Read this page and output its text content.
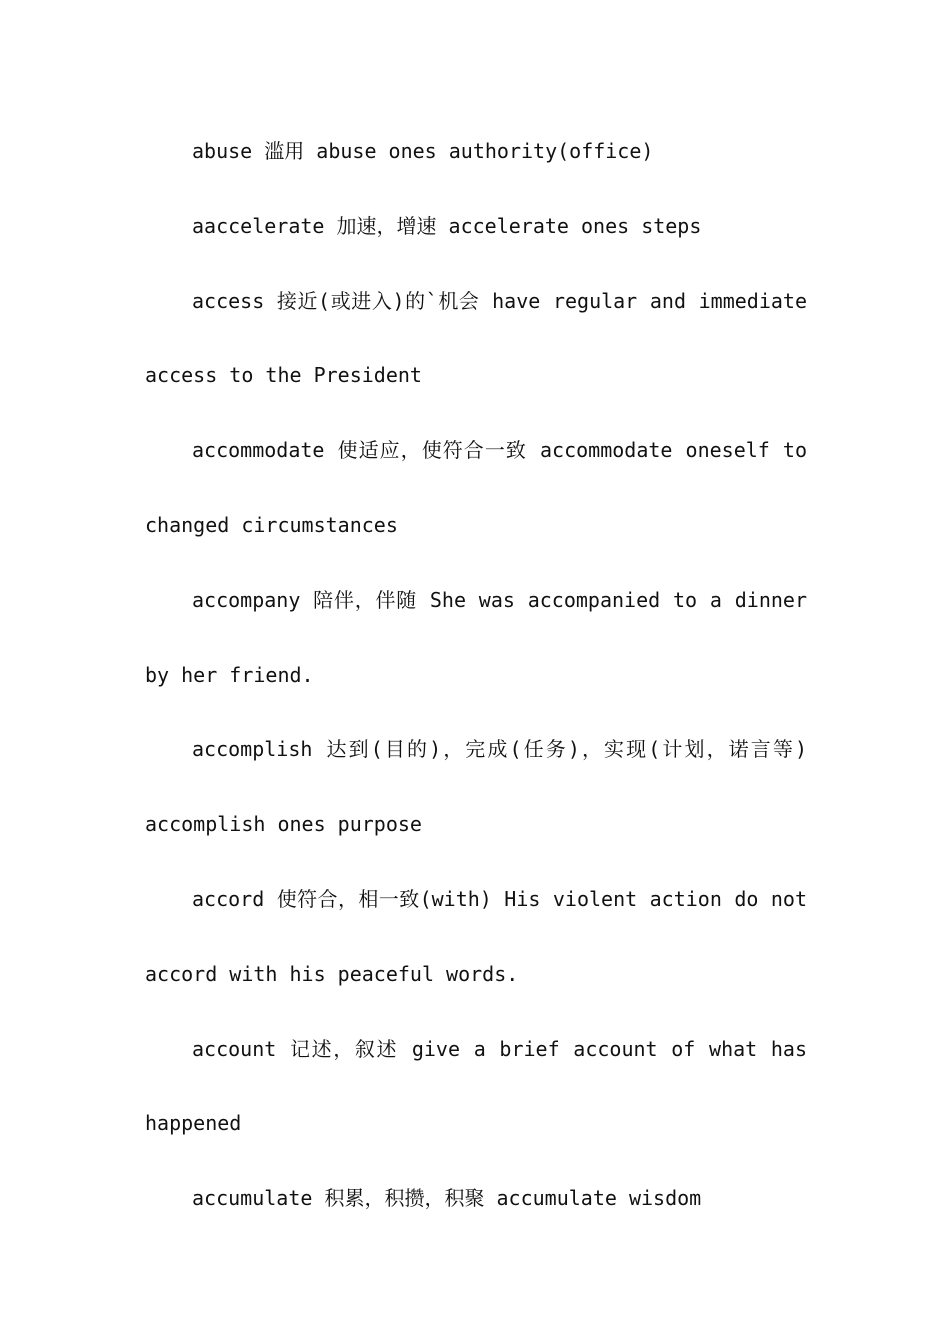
abuse 滥用 abuse ones authority(office)

aaccelerate 加速，增速 accelerate ones steps

access 接近(或进入)的`机会 have regular and immediate access to the President

accommodate 使适应，使符合一致 accommodate oneself to changed circumstances

accompany 陪伴，伴随 She was accompanied to a dinner by her friend.

accomplish 达到(目的)，完成(任务)，实现(计划，诺言等) accomplish ones purpose

accord 使符合，相一致(with) His violent action do not accord with his peaceful words.

account 记述，叙述 give a brief account of what has happened

accumulate 积累，积攒，积聚 accumulate wisdom
